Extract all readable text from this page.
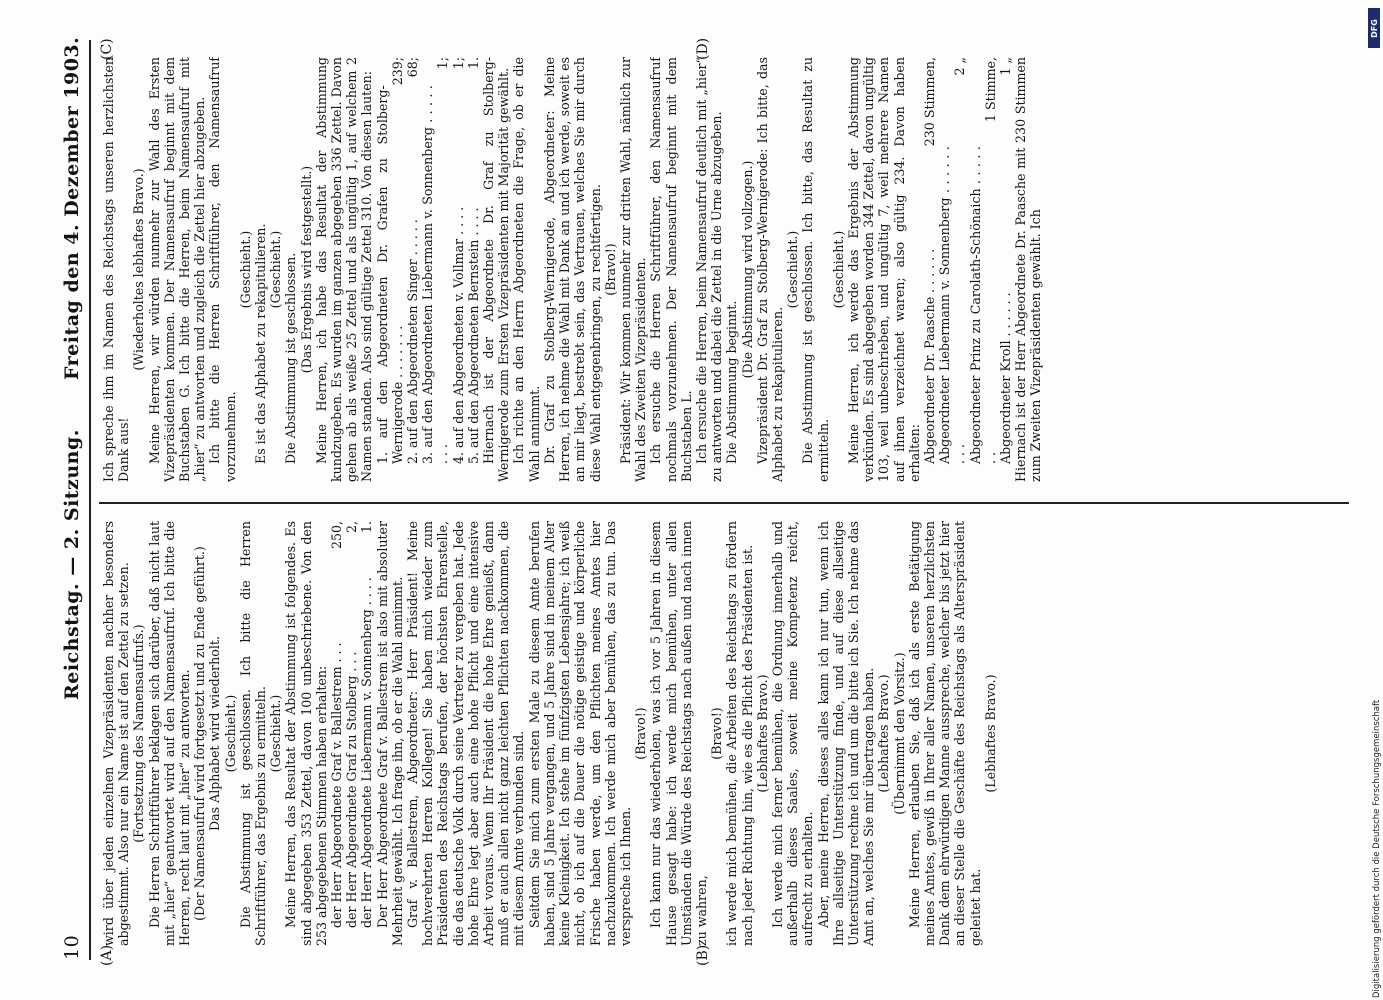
10
Reichstag. — 2. Sitzung.
Freitag den 4. Dezember 1903.
(A)	(B)
(C)	(D)

wird über jeden einzelnen Vizepräsidenten nachher besonders abgestimmt. Also nur ein Name ist auf den Zettel zu setzen. (Fortsetzung des Namensaufrufs.) Die Herren Schriftführer beklagen sich darüber, daß nicht laut mit „hier“ geantwortet wird auf den Namensaufruf. Ich bitte die Herren, recht laut mit „hier“ zu antworten. (Der Namensaufruf wird fortgesetzt und zu Ende geführt.) Das Alphabet wird wiederholt. (Geschieht.) Die Abstimmung ist geschlossen. Ich bitte die Herren Schriftführer, das Ergebnis zu ermitteln. (Geschieht.) Meine Herren, das Resultat der Abstimmung ist folgendes. Es sind abgegeben 353 Zettel, davon 100 unbeschriebene. Von den 253 abgegebenen Stimmen haben erhalten: der Herr Abgeordnete Graf v. Ballestrem . . .	250,
der Herr Abgeordnete Graf zu Stolberg . . .	2,
der Herr Abgeordnete Liebermann v. Sonnenberg . . . .	1. Der Herr Abgeordnete Graf v. Ballestrem ist also mit absoluter Mehrheit gewählt. Ich frage ihn, ob er die Wahl annimmt. Graf v. Ballestrem, Abgeordneter: Herr Präsident! Meine hochverehrten Herren Kollegen! Sie haben mich wieder zum Präsidenten des Reichstags berufen, der höchsten Ehrenstelle, die das deutsche Volk durch seine Vertreter zu vergeben hat. Jede hohe Ehre legt aber auch eine hohe Pflicht und eine intensive Arbeit voraus. Wenn Ihr Präsident die hohe Ehre genießt, dann muß er auch allen nicht ganz leichten Pflichten nachkommen, die mit diesem Amte verbunden sind. Seitdem Sie mich zum ersten Male zu diesem Amte berufen haben, sind 5 Jahre vergangen, und 5 Jahre sind in meinem Alter keine Kleinigkeit. Ich stehe im fünfzigsten Lebensjahre; ich weiß nicht, ob ich auf die Dauer die nötige geistige und körperliche Frische haben werde, um den Pflichten meines Amtes hier nachzukommen. Ich werde mich aber bemühen, das zu tun. Das verspreche ich Ihnen.

(Bravo!) Ich kann nur das wiederholen, was ich vor 5 Jahren in diesem Hause gesagt habe: ich werde mich bemühen, unter allen Umständen die Würde des Reichstags nach außen und nach innen zu wahren,

(Bravo!) ich werde mich bemühen, die Arbeiten des Reichstags zu fördern nach jeder Richtung hin, wie es die Pflicht des Präsidenten ist. (Lebhaftes Bravo.) Ich werde mich ferner bemühen, die Ordnung innerhalb und außerhalb dieses Saales, soweit meine Kompetenz reicht, aufrecht zu erhalten. Aber, meine Herren, dieses alles kann ich nur tun, wenn ich Ihre allseitige Unterstützung finde, und auf diese allseitige Unterstützung rechne ich und um die bitte ich Sie. Ich nehme das Amt an, welches Sie mir übertragen haben. (Lebhaftes Bravo.) (Übernimmt den Vorsitz.) Meine Herren, erlauben Sie, daß ich als erste Betätigung meines Amtes, gewiß in Ihrer aller Namen, unseren herzlichsten Dank dem ehrwürdigen Manne ausspreche, welcher bis jetzt hier an dieser Stelle die Geschäfte des Reichstags als Alterspräsident geleitet hat.

(Lebhaftes Bravo.)

Ich spreche ihm im Namen des Reichstags unseren herzlichsten Dank aus!

(Wiederholtes lebhaftes Bravo.) Meine Herren, wir würden nunmehr zur Wahl des Ersten Vizepräsidenten kommen. Der Namensaufruf beginnt mit dem Buchstaben G. Ich bitte die Herren, beim Namensaufruf mit „hier“ zu antworten und zugleich die Zettel hier abzugeben. Ich bitte die Herren Schriftführer, den Namensaufruf vorzunehmen.

(Geschieht.) Es ist das Alphabet zu rekapitulieren. (Geschieht.) Die Abstimmung ist geschlossen. (Das Ergebnis wird festgestellt.) Meine Herren, ich habe das Resultat der Abstimmung kundzugeben. Es wurden im ganzen abgegeben 336 Zettel. Davon gehen ab als weiße 25 Zettel und als ungültig 1, auf welchem 2 Namen standen. Also sind gültige Zettel 310. Von diesen lauten: 1. auf den Abgeordneten Dr. Grafen zu Stolberg-Wernigerode . . . . . . .	239;
2. auf den Abgeordneten Singer . . . . .	68;
3. auf den Abgeordneten Liebermann v. Sonnenberg . . . . . . . .	1;
4. auf den Abgeordneten v. Vollmar . . . .	1;
5. auf den Abgeordneten Bernstein . . . .	1. Hiernach ist der Abgeordnete Dr. Graf zu Stolberg-Wernigerode zum Ersten Vizepräsidenten mit Majorität gewählt. Ich richte an den Herrn Abgeordneten die Frage, ob er die Wahl annimmt. Dr. Graf zu Stolberg-Wernigerode, Abgeordneter: Meine Herren, ich nehme die Wahl mit Dank an und ich werde, soweit es an mir liegt, bestrebt sein, das Vertrauen, welches Sie mir durch diese Wahl entgegenbringen, zu rechtfertigen. (Bravo!) Präsident: Wir kommen nunmehr zur dritten Wahl, nämlich zur Wahl des Zweiten Vizepräsidenten. Ich ersuche die Herren Schriftführer, den Namensaufruf nochmals vorzunehmen. Der Namensaufruf beginnt mit dem Buchstaben L. Ich ersuche die Herren, beim Namensaufruf deutlich mit „hier“ zu antworten und dabei die Zettel in die Urne abzugeben. Die Abstimmung beginnt.

(Die Abstimmung wird vollzogen.) Vizepräsident Dr. Graf zu Stolberg-Wernigerode: Ich bitte, das Alphabet zu rekapitulieren.

(Geschieht.) Die Abstimmung ist geschlossen. Ich bitte, das Resultat zu ermitteln.

(Geschieht.) Meine Herren, ich werde das Ergebnis der Abstimmung verkünden. Es sind abgegeben worden 344 Zettel, davon ungültig 103, weil unbeschrieben, und ungültig 7, weil mehrere Namen auf ihnen verzeichnet waren; also gültig 234. Davon haben erhalten: Abgeordneter Dr. Paasche . . . . . .	230 Stimmen,
Abgeordneter Liebermann v. Sonnenberg . . . . . . . . .	2 „
Abgeordneter Prinz zu Carolath-Schönaich . . . . . . .	1 Stimme,
Abgeordneter Kroll . . . . . .	1 „ Hiernach ist der Herr Abgeordnete Dr. Paasche mit 230 Stimmen zum Zweiten Vizepräsidenten gewählt. Ich

DFG
Digitalisierung gefördert durch die Deutsche Forschungsgemeinschaft
